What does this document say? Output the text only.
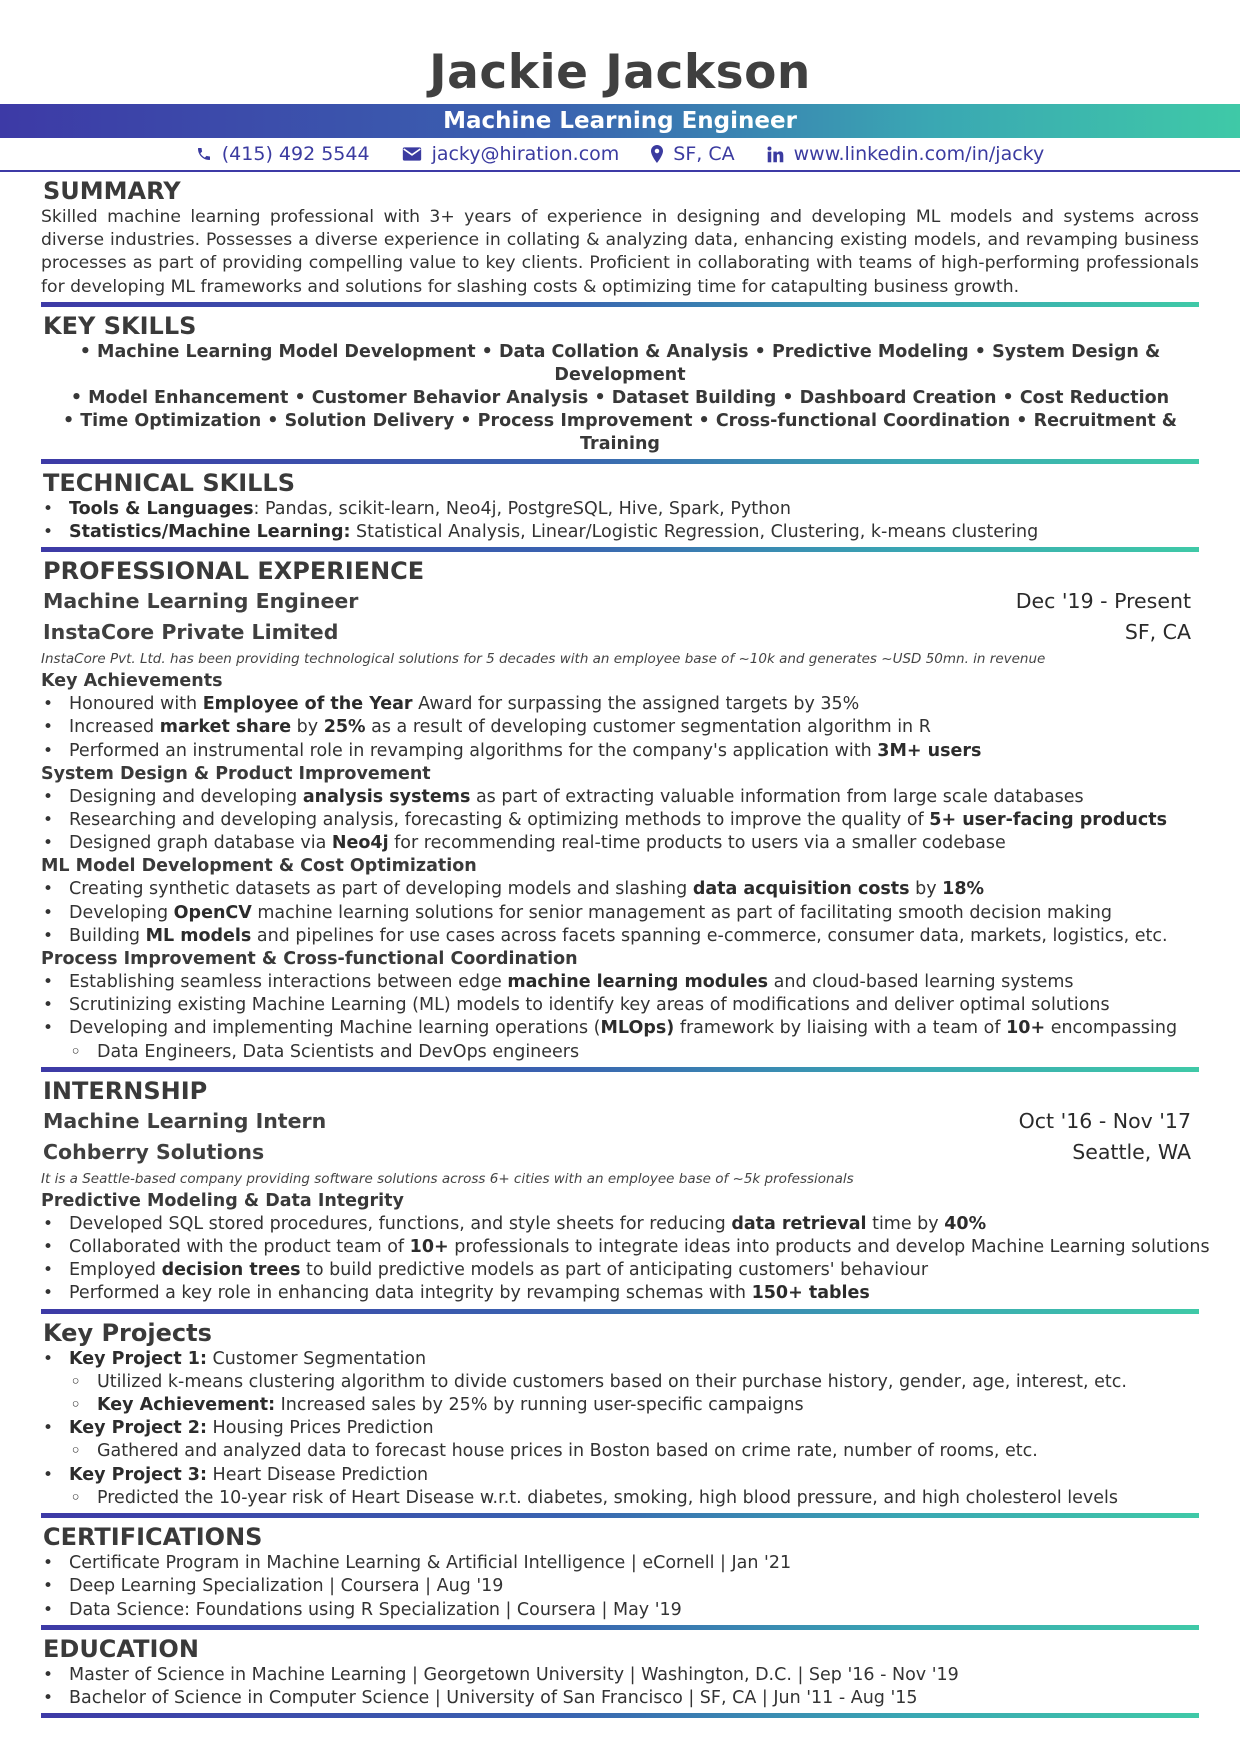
Jackie Jackson
Machine Learning Engineer
(415) 492 5544	jacky@hiration.com	SF, CA	www.linkedin.com/in/jacky
SUMMARY

Skilled machine learning professional with 3+ years of experience in designing and developing ML models and systems across diverse industries. Possesses a diverse experience in collating & analyzing data, enhancing existing models, and revamping business processes as part of providing compelling value to key clients. Proficient in collaborating with teams of high-performing professionals for developing ML frameworks and solutions for slashing costs & optimizing time for catapulting business growth.

KEY SKILLS

• Machine Learning Model Development • Data Collation & Analysis • Predictive Modeling • System Design & Development

• Model Enhancement • Customer Behavior Analysis • Dataset Building • Dashboard Creation • Cost Reduction

• Time Optimization • Solution Delivery • Process Improvement • Cross-functional Coordination • Recruitment & Training

TECHNICAL SKILLS
• Tools & Languages: Pandas, scikit-learn, Neo4j, PostgreSQL, Hive, Spark, Python
• Statistics/Machine Learning: Statistical Analysis, Linear/Logistic Regression, Clustering, k-means clustering
PROFESSIONAL EXPERIENCE
Machine Learning Engineer	Dec '19 - Present
InstaCore Private Limited	SF, CA

InstaCore Pvt. Ltd. has been providing technological solutions for 5 decades with an employee base of ~10k and generates ~USD 50mn. in revenue

Key Achievements

• Honoured with Employee of the Year Award for surpassing the assigned targets by 35%
• Increased market share by 25% as a result of developing customer segmentation algorithm in R
• Performed an instrumental role in revamping algorithms for the company's application with 3M+ users

System Design & Product Improvement

• Designing and developing analysis systems as part of extracting valuable information from large scale databases
• Researching and developing analysis, forecasting & optimizing methods to improve the quality of 5+ user-facing products
• Designed graph database via Neo4j for recommending real-time products to users via a smaller codebase

ML Model Development & Cost Optimization

• Creating synthetic datasets as part of developing models and slashing data acquisition costs by 18%
• Developing OpenCV machine learning solutions for senior management as part of facilitating smooth decision making
• Building ML models and pipelines for use cases across facets spanning e-commerce, consumer data, markets, logistics, etc.

Process Improvement & Cross-functional Coordination

• Establishing seamless interactions between edge machine learning modules and cloud-based learning systems
• Scrutinizing existing Machine Learning (ML) models to identify key areas of modifications and deliver optimal solutions
• Developing and implementing Machine learning operations (MLOps) framework by liaising with a team of 10+ encompassing
◦ Data Engineers, Data Scientists and DevOps engineers
INTERNSHIP
Machine Learning Intern	Oct '16 - Nov '17
Cohberry Solutions	Seattle, WA

It is a Seattle-based company providing software solutions across 6+ cities with an employee base of ~5k professionals

Predictive Modeling & Data Integrity

• Developed SQL stored procedures, functions, and style sheets for reducing data retrieval time by 40%
• Collaborated with the product team of 10+ professionals to integrate ideas into products and develop Machine Learning solutions
• Employed decision trees to build predictive models as part of anticipating customers' behaviour
• Performed a key role in enhancing data integrity by revamping schemas with 150+ tables
Key Projects
• Key Project 1: Customer Segmentation
◦ Utilized k-means clustering algorithm to divide customers based on their purchase history, gender, age, interest, etc.
◦ Key Achievement: Increased sales by 25% by running user-specific campaigns
• Key Project 2: Housing Prices Prediction
◦ Gathered and analyzed data to forecast house prices in Boston based on crime rate, number of rooms, etc.
• Key Project 3: Heart Disease Prediction
◦ Predicted the 10-year risk of Heart Disease w.r.t. diabetes, smoking, high blood pressure, and high cholesterol levels
CERTIFICATIONS
• Certificate Program in Machine Learning & Artificial Intelligence | eCornell | Jan '21
• Deep Learning Specialization | Coursera | Aug '19
• Data Science: Foundations using R Specialization | Coursera | May '19
EDUCATION
• Master of Science in Machine Learning | Georgetown University | Washington, D.C. | Sep '16 - Nov '19
• Bachelor of Science in Computer Science | University of San Francisco | SF, CA | Jun '11 - Aug '15
